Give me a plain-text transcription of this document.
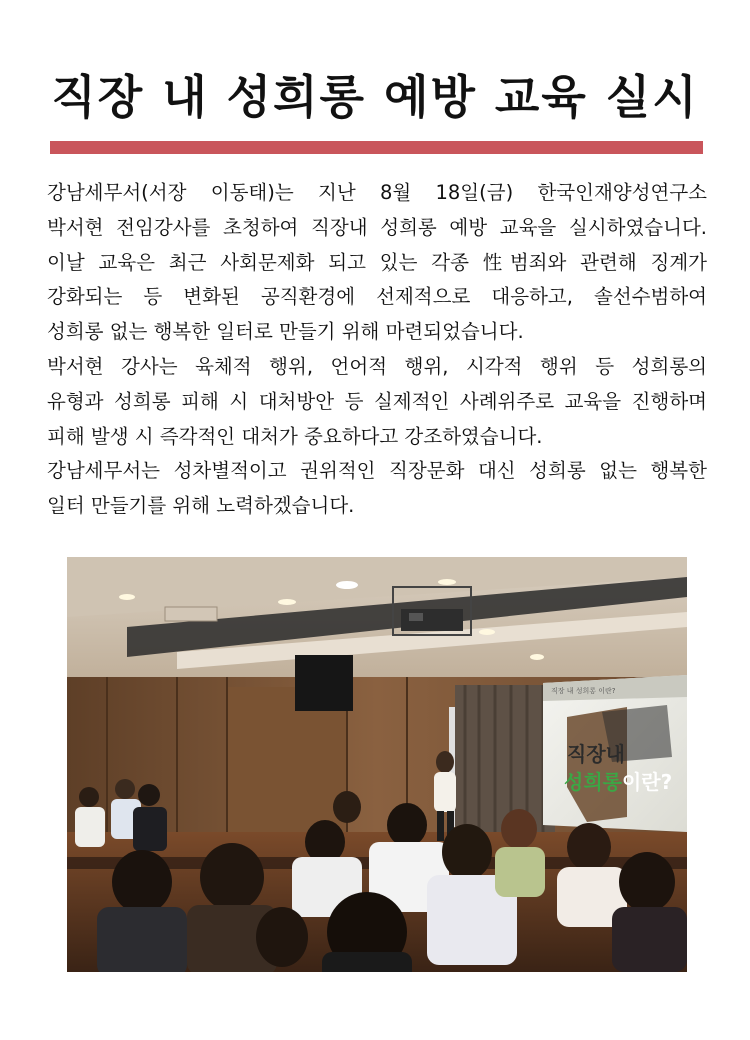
직장 내 성희롱 예방 교육 실시
강남세무서(서장 이동태)는 지난 8월 18일(금) 한국인재양성연구소
박서현 전임강사를 초청하여 직장내 성희롱 예방 교육을 실시하였습니다.
이날 교육은 최근 사회문제화 되고 있는 각종 性범죄와 관련해 징계가
강화되는 등 변화된 공직환경에 선제적으로 대응하고, 솔선수범하여
성희롱 없는 행복한 일터로 만들기 위해 마련되었습니다.
박서현 강사는 육체적 행위, 언어적 행위, 시각적 행위 등 성희롱의
유형과 성희롱 피해 시 대처방안 등 실제적인 사례위주로 교육을 진행하며
피해 발생 시 즉각적인 대처가 중요하다고 강조하였습니다.
강남세무서는 성차별적이고 권위적인 직장문화 대신 성희롱 없는 행복한
일터 만들기를 위해 노력하겠습니다.
직장 내 성희롱 이란?
직장내
성희롱이란?
